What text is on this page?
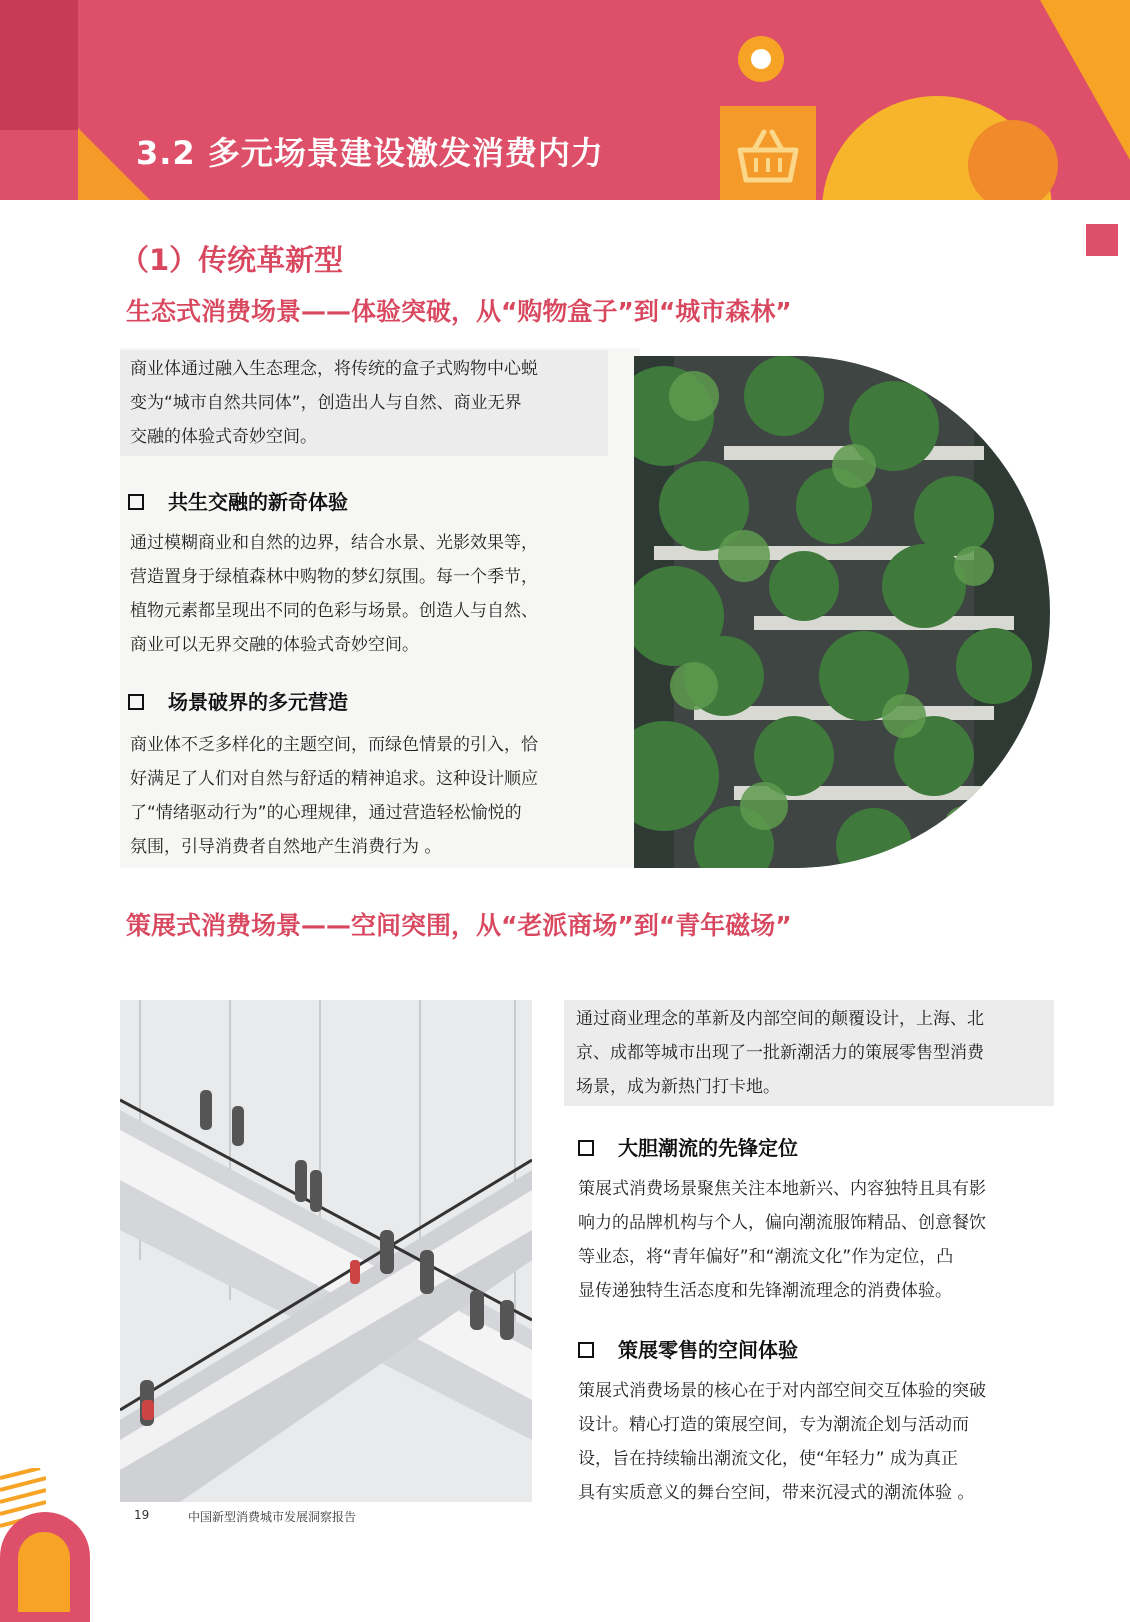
3.2 多元场景建设激发消费内力
（1）传统革新型
生态式消费场景——体验突破，从“购物盒子”到“城市森林”
商业体通过融入生态理念，将传统的盒子式购物中心蜕
变为“城市自然共同体”，创造出人与自然、商业无界
交融的体验式奇妙空间。
共生交融的新奇体验
通过模糊商业和自然的边界，结合水景、光影效果等，
营造置身于绿植森林中购物的梦幻氛围。每一个季节，
植物元素都呈现出不同的色彩与场景。创造人与自然、
商业可以无界交融的体验式奇妙空间。
场景破界的多元营造
商业体不乏多样化的主题空间，而绿色情景的引入，恰
好满足了人们对自然与舒适的精神追求。这种设计顺应
了“情绪驱动行为”的心理规律，通过营造轻松愉悦的
氛围，引导消费者自然地产生消费行为 。
策展式消费场景——空间突围，从“老派商场”到“青年磁场”
通过商业理念的革新及内部空间的颠覆设计，上海、北
京、成都等城市出现了一批新潮活力的策展零售型消费
场景，成为新热门打卡地。
大胆潮流的先锋定位
策展式消费场景聚焦关注本地新兴、内容独特且具有影
响力的品牌机构与个人，偏向潮流服饰精品、创意餐饮
等业态，将“青年偏好”和“潮流文化”作为定位，凸
显传递独特生活态度和先锋潮流理念的消费体验。
策展零售的空间体验
策展式消费场景的核心在于对内部空间交互体验的突破
设计。精心打造的策展空间，专为潮流企划与活动而
设，旨在持续输出潮流文化，使“年轻力” 成为真正
具有实质意义的舞台空间，带来沉浸式的潮流体验 。
19	中国新型消费城市发展洞察报告
